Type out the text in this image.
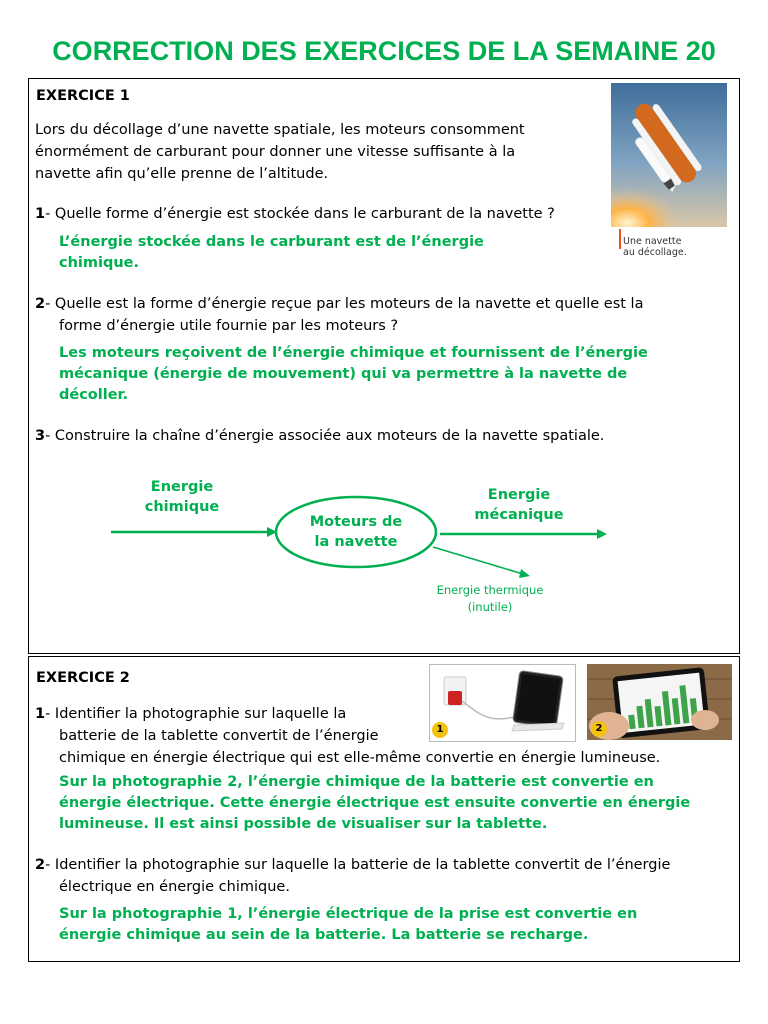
CORRECTION DES EXERCICES DE LA SEMAINE 20
EXERCICE 1
Lors du décollage d’une navette spatiale, les moteurs consomment
énormément de carburant pour donner une vitesse suffisante à la
navette afin qu’elle prenne de l’altitude.
Une navette
au décollage.
1- Quelle forme d’énergie est stockée dans le carburant de la navette ?
L’énergie stockée dans le carburant est de l’énergie
chimique.
2- Quelle est la forme d’énergie reçue par les moteurs de la navette et quelle est la
forme d’énergie utile fournie par les moteurs ?
Les moteurs reçoivent de l’énergie chimique et fournissent de l’énergie
mécanique (énergie de mouvement) qui va permettre à la navette de
décoller.
3- Construire la chaîne d’énergie associée aux moteurs de la navette spatiale.
Energie
chimique
Moteurs de
la navette
Energie
mécanique
Energie thermique
(inutile)
EXERCICE 2
1	2
1- Identifier la photographie sur laquelle la
batterie de la tablette convertit de l’énergie
chimique en énergie électrique qui est elle-même convertie en énergie lumineuse.
Sur la photographie 2, l’énergie chimique de la batterie est convertie en
énergie électrique. Cette énergie électrique est ensuite convertie en énergie
lumineuse. Il est ainsi possible de visualiser sur la tablette.
2- Identifier la photographie sur laquelle la batterie de la tablette convertit de l’énergie
électrique en énergie chimique.
Sur la photographie 1, l’énergie électrique de la prise est convertie en
énergie chimique au sein de la batterie. La batterie se recharge.
